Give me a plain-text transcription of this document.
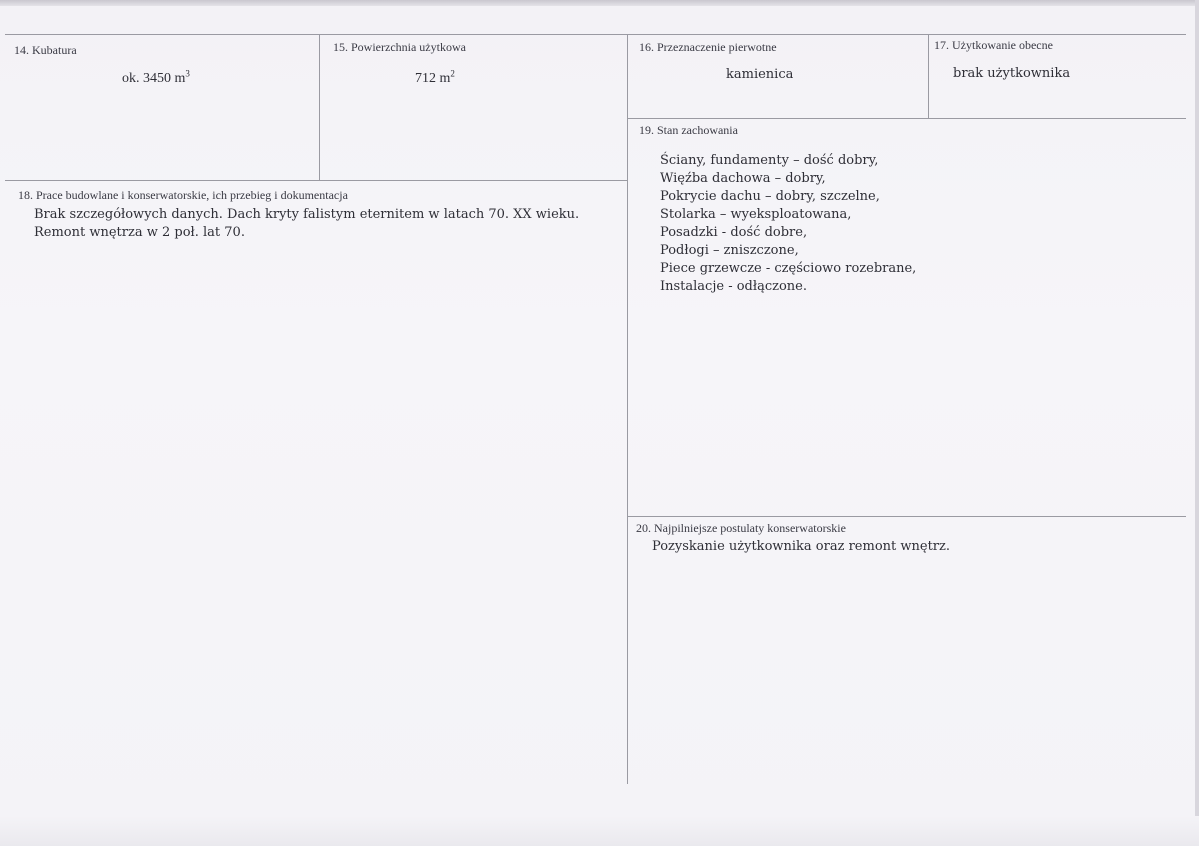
14. Kubatura
ok. 3450 $m^3$
15. Powierzchnia użytkowa
712 $m^2$
16. Przeznaczenie pierwotne
kamienica
17. Użytkowanie obecne
brak użytkownika
18. Prace budowlane i konserwatorskie, ich przebieg i dokumentacja
Brak szczegółowych danych. Dach kryty falistym eternitem w latach 70. XX wieku.
Remont wnętrza w 2 poł. lat 70.
19. Stan zachowania
Ściany, fundamenty – dość dobry,
Więźba dachowa – dobry,
Pokrycie dachu – dobry, szczelne,
Stolarka – wyeksploatowana,
Posadzki - dość dobre,
Podłogi – zniszczone,
Piece grzewcze - częściowo rozebrane,
Instalacje - odłączone.
20. Najpilniejsze postulaty konserwatorskie
Pozyskanie użytkownika oraz remont wnętrz.
